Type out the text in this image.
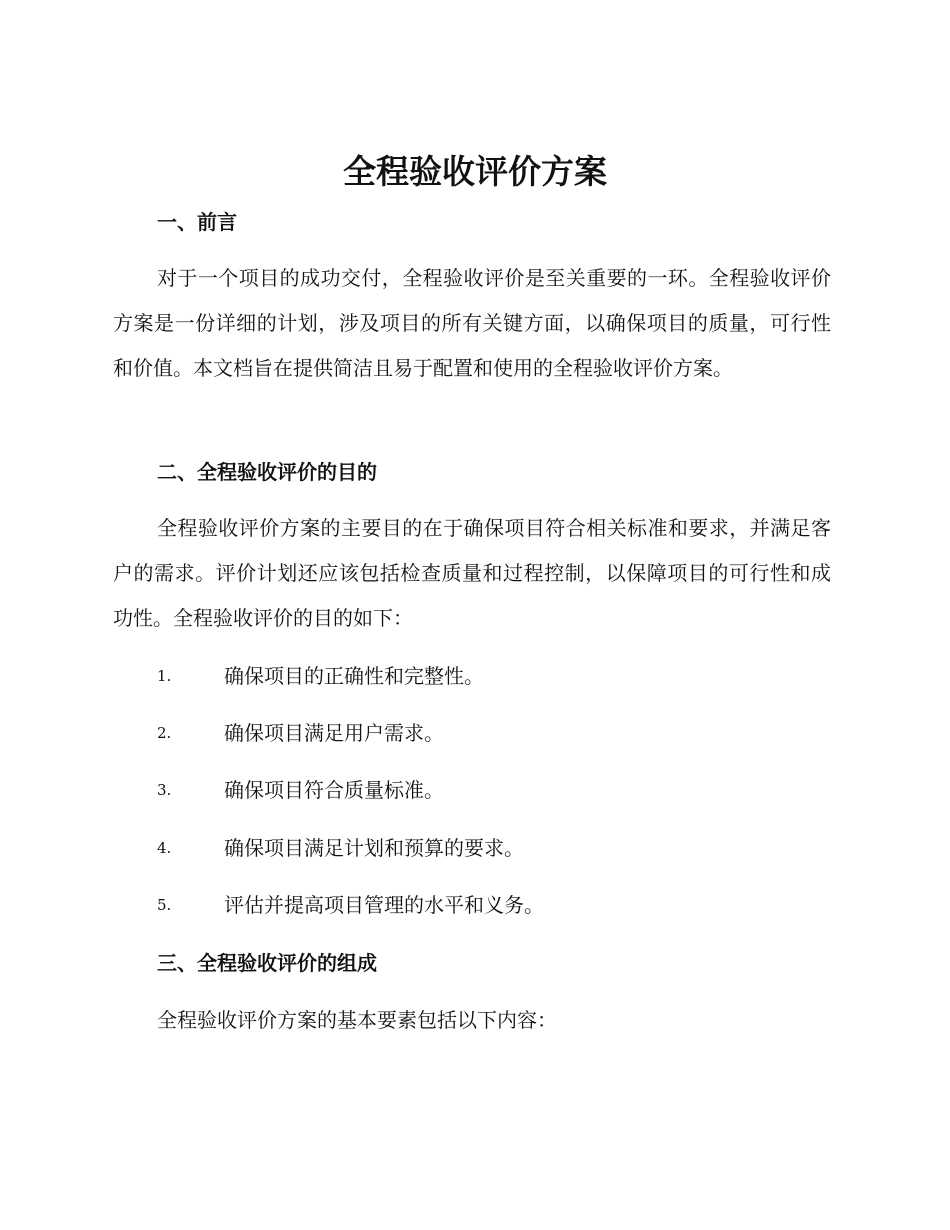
全程验收评价方案
一、前言

对于一个项目的成功交付，全程验收评价是至关重要的一环。全程验收评价方案是一份详细的计划，涉及项目的所有关键方面，以确保项目的质量，可行性和价值。本文档旨在提供简洁且易于配置和使用的全程验收评价方案。

二、全程验收评价的目的

全程验收评价方案的主要目的在于确保项目符合相关标准和要求，并满足客户的需求。评价计划还应该包括检查质量和过程控制，以保障项目的可行性和成功性。全程验收评价的目的如下：

1.	确保项目的正确性和完整性。
2.	确保项目满足用户需求。
3.	确保项目符合质量标准。
4.	确保项目满足计划和预算的要求。
5.	评估并提高项目管理的水平和义务。
三、全程验收评价的组成
全程验收评价方案的基本要素包括以下内容：
